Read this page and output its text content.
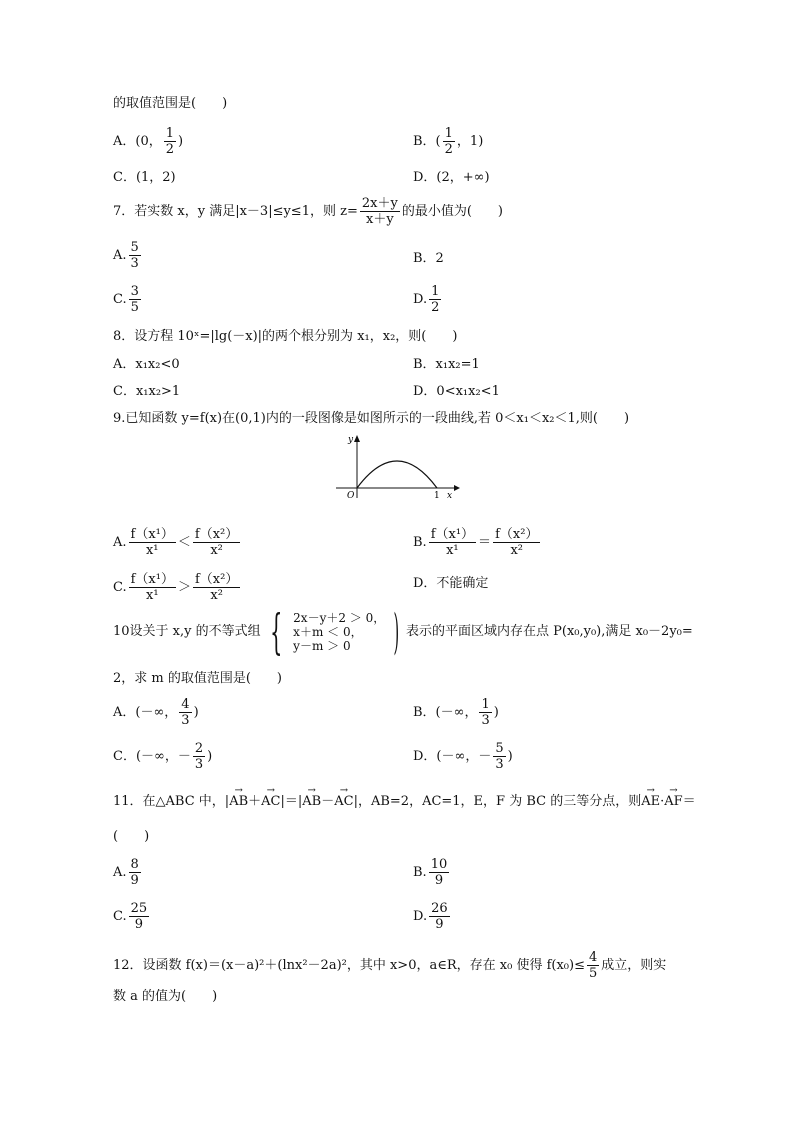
的取值范围是(　　)
A．(0， $\frac{1}{2}$ )	B．( $\frac{1}{2}$ ，1)
C．(1，2)	D．(2，+∞)
7．若实数 x，y 满足|x－3|≤y≤1，则 $z= \frac{2x+y}{x+y}$ 的最小值为(　　)
A. $\frac{5}{3}$	B．2
C. $\frac{3}{5}$	D. $\frac{1}{2}$
8．设方程 10ˣ=|lg(－x)|的两个根分别为 x₁，x₂，则(　　)
A．x₁x₂<0	B．x₁x₂=1
C．x₁x₂>1	D．0<x₁x₂<1
9.已知函数 y=f(x)在(0,1)内的一段图像是如图所示的一段曲线,若 0＜x₁＜x₂＜1,则(　　)
y
x
O	1
A. $\frac{\text{f（x¹）}}{\text{x¹}} < \frac{\text{f（x²）}}{\text{x²}}$	B. $\frac{\text{f（x¹）}}{\text{x¹}} = \frac{\text{f（x²）}}{\text{x²}}$
C. $\frac{\text{f（x¹）}}{\text{x¹}} > \frac{\text{f（x²）}}{\text{x²}}$	D．不能确定
10设关于 x,y 的不等式组 { 2x－y＋2 ＞ 0，
x＋m ＜ 0，
y－m ＞ 0 ) 表示的平面区域内存在点 P(x₀,y₀),满足 x₀－2y₀=
2，求 m 的取值范围是(　　)
A．(－∞， $\frac{4}{3}$ )	B．(－∞， $\frac{1}{3}$ )
C．(－∞，－ $\frac{2}{3}$ )	D．(－∞，－ $\frac{5}{3}$ )
11．在△ABC 中，|→ AB＋→ AC|＝|→ AB－→ AC|，AB=2，AC=1，E，F 为 BC 的三等分点，则→ AE·→ AF＝
(　　)
A. $\frac{8}{9}$	B. $\frac{10}{9}$
C. $\frac{25}{9}$	D. $\frac{26}{9}$
12．设函数 f(x)＝(x－a)²＋(lnx²－2a)²，其中 x>0，a∈R，存在 x₀ 使得 $f(x_0)\le \frac{4}{5}$ 成立，则实
数 a 的值为(　　)
